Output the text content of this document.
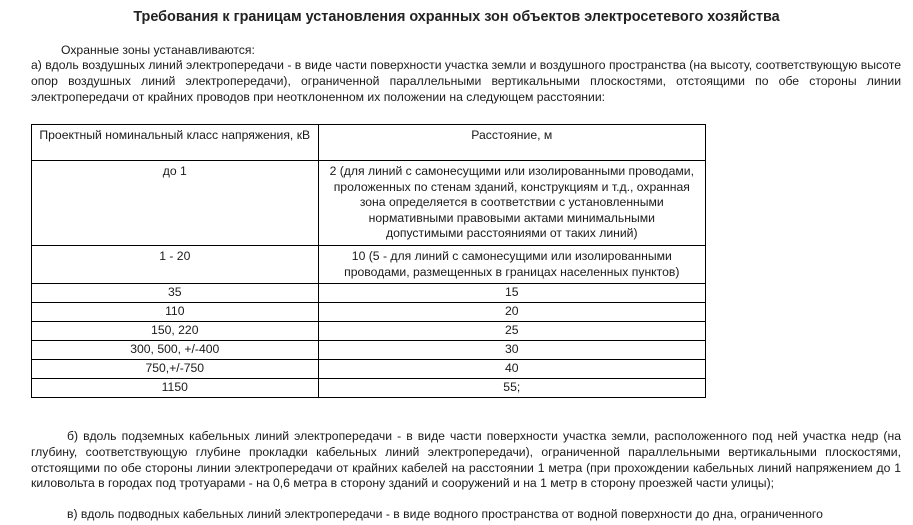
Требования к границам установления охранных зон объектов электросетевого хозяйства
Охранные зоны устанавливаются:
а) вдоль воздушных линий электропередачи - в виде части поверхности участка земли и воздушного пространства (на высоту, соответствующую высоте опор воздушных линий электропередачи), ограниченной параллельными вертикальными плоскостями, отстоящими по обе стороны линии электропередачи от крайних проводов при неотклоненном их положении на следующем расстоянии:
Проектный номинальный класс напряжения, кВ	Расстояние, м
до 1	2 (для линий с самонесущими или изолированными проводами, проложенных по стенам зданий, конструкциям и т.д., охранная зона определяется в соответствии с установленными нормативными правовыми актами минимальными допустимыми расстояниями от таких линий)
1 - 20	10 (5 - для линий с самонесущими или изолированными проводами, размещенных в границах населенных пунктов)
35	15
110	20
150, 220	25
300, 500, +/-400	30
750,+/-750	40
1150	55;
б) вдоль подземных кабельных линий электропередачи - в виде части поверхности участка земли, расположенного под ней участка недр (на глубину, соответствующую глубине прокладки кабельных линий электропередачи), ограниченной параллельными вертикальными плоскостями, отстоящими по обе стороны линии электропередачи от крайних кабелей на расстоянии 1 метра (при прохождении кабельных линий напряжением до 1 киловольта в городах под тротуарами - на 0,6 метра в сторону зданий и сооружений и на 1 метр в сторону проезжей части улицы);
в) вдоль подводных кабельных линий электропередачи - в виде водного пространства от водной поверхности до дна, ограниченного
